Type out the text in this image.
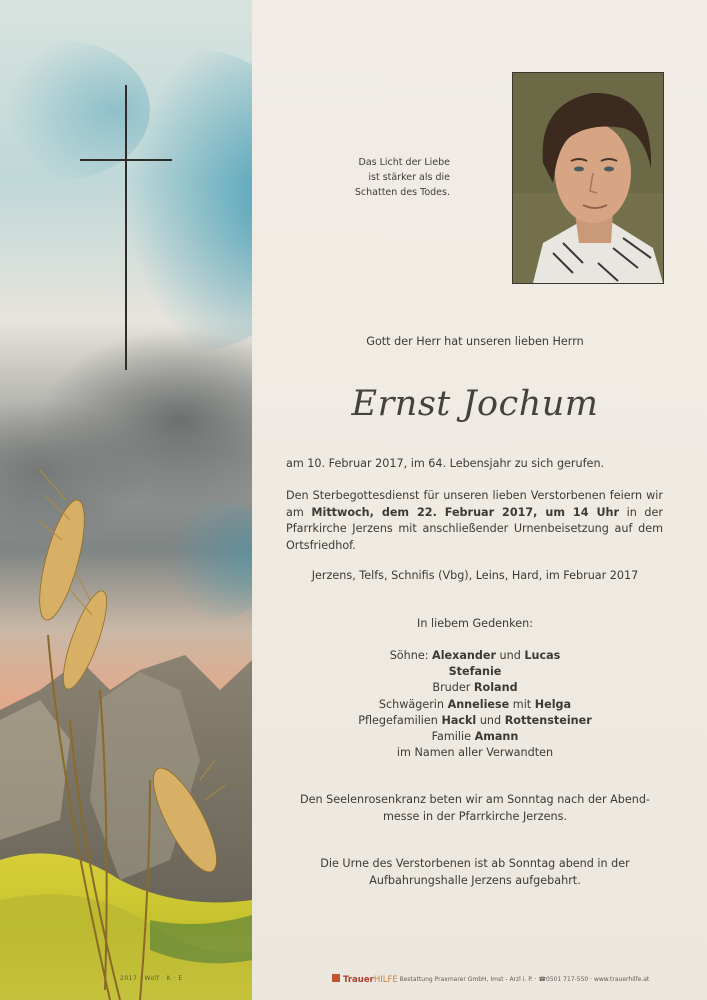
2017 · Wolf · K · E
Das Licht der Liebe
ist stärker als die
Schatten des Todes.
Gott der Herr hat unseren lieben Herrn
Ernst Jochum
am 10. Februar 2017, im 64. Lebensjahr zu sich gerufen.
Den Sterbegottesdienst für unseren lieben Verstorbenen feiern wir am Mittwoch, dem 22. Februar 2017, um 14 Uhr in der Pfarrkirche Jerzens mit anschließender Urnenbeisetzung auf dem Ortsfriedhof.
Jerzens, Telfs, Schnifis (Vbg), Leins, Hard, im Februar 2017
In liebem Gedenken:
Söhne: Alexander und Lucas
Stefanie
Bruder Roland
Schwägerin Anneliese mit Helga
Pflegefamilien Hackl und Rottensteiner
Familie Amann
im Namen aller Verwandten
Den Seelenrosenkranz beten wir am Sonntag nach der Abend-
messe in der Pfarrkirche Jerzens.
Die Urne des Verstorbenen ist ab Sonntag abend in der
Aufbahrungshalle Jerzens aufgebahrt.
TrauerHILFE Bestattung Praxmarer GmbH, Imst - Arzl i. P. · ☎0501 717-550 · www.trauerhilfe.at
